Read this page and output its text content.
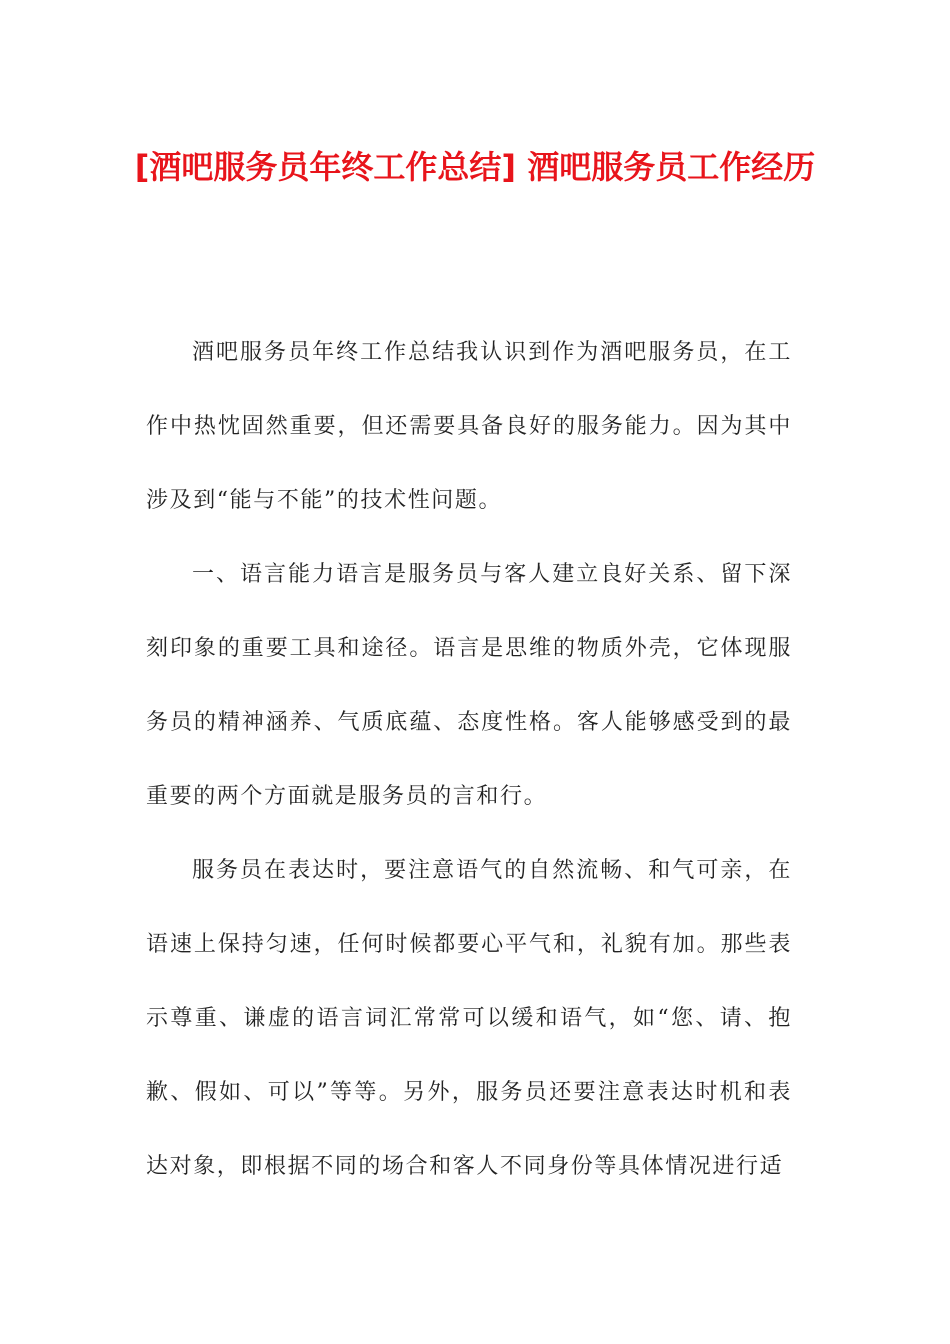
[酒吧服务员年终工作总结] 酒吧服务员工作经历

酒吧服务员年终工作总结我认识到作为酒吧服务员，在工作中热忱固然重要，但还需要具备良好的服务能力。因为其中涉及到“能与不能”的技术性问题。

一、语言能力语言是服务员与客人建立良好关系、留下深刻印象的重要工具和途径。语言是思维的物质外壳，它体现服务员的精神涵养、气质底蕴、态度性格。客人能够感受到的最重要的两个方面就是服务员的言和行。

服务员在表达时，要注意语气的自然流畅、和气可亲，在语速上保持匀速，任何时候都要心平气和，礼貌有加。那些表示尊重、谦虚的语言词汇常常可以缓和语气，如“您、请、抱歉、假如、可以”等等。另外，服务员还要注意表达时机和表达对象，即根据不同的场合和客人不同身份等具体情况进行适
